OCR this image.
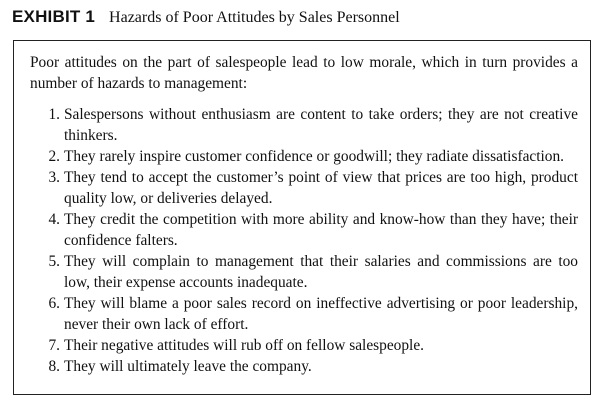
EXHIBIT 1 Hazards of Poor Attitudes by Sales Personnel

Poor attitudes on the part of salespeople lead to low morale, which in turn provides a number of hazards to management:

1. Salespersons without enthusiasm are content to take orders; they are not creative thinkers.
2. They rarely inspire customer confidence or goodwill; they radiate dissatisfaction.
3. They tend to accept the customer’s point of view that prices are too high, product quality low, or deliveries delayed.
4. They credit the competition with more ability and know-how than they have; their confidence falters.
5. They will complain to management that their salaries and commissions are too low, their expense accounts inadequate.
6. They will blame a poor sales record on ineffective advertising or poor leadership, never their own lack of effort.
7. Their negative attitudes will rub off on fellow salespeople.
8. They will ultimately leave the company.
